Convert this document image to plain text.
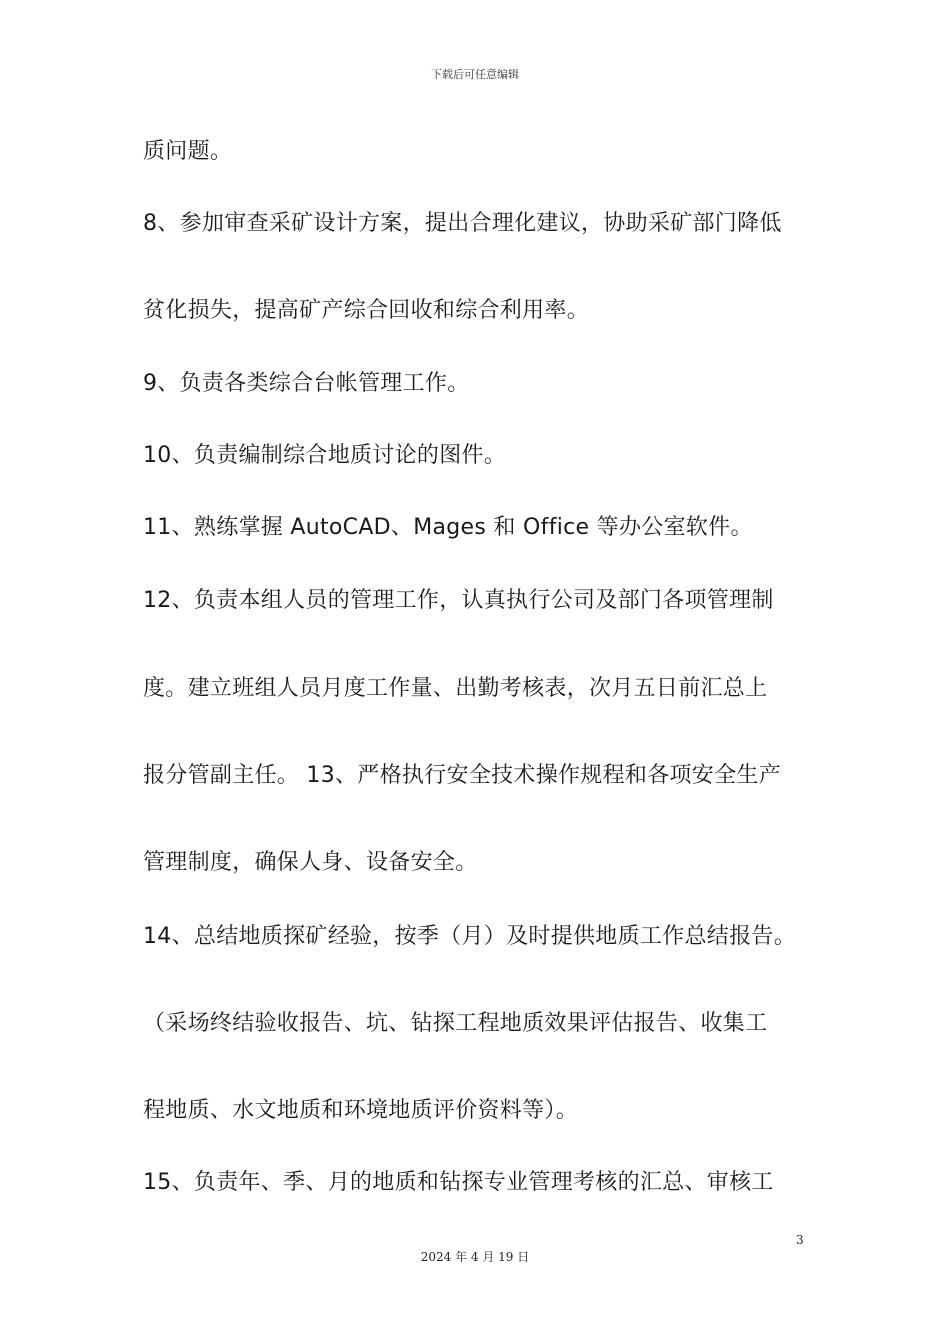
下载后可任意编辑
质问题。
8、参加审查采矿设计方案，提出合理化建议，协助采矿部门降低
贫化损失，提高矿产综合回收和综合利用率。
9、负责各类综合台帐管理工作。
10、负责编制综合地质讨论的图件。
11、熟练掌握 AutoCAD、Mages 和 Office 等办公室软件。
12、负责本组人员的管理工作，认真执行公司及部门各项管理制
度。建立班组人员月度工作量、出勤考核表，次月五日前汇总上
报分管副主任。 13、严格执行安全技术操作规程和各项安全生产
管理制度，确保人身、设备安全。
14、总结地质探矿经验，按季（月）及时提供地质工作总结报告。
（采场终结验收报告、坑、钻探工程地质效果评估报告、收集工
程地质、水文地质和环境地质评价资料等）。
15、负责年、季、月的地质和钻探专业管理考核的汇总、审核工
3
2024 年 4 月 19 日
